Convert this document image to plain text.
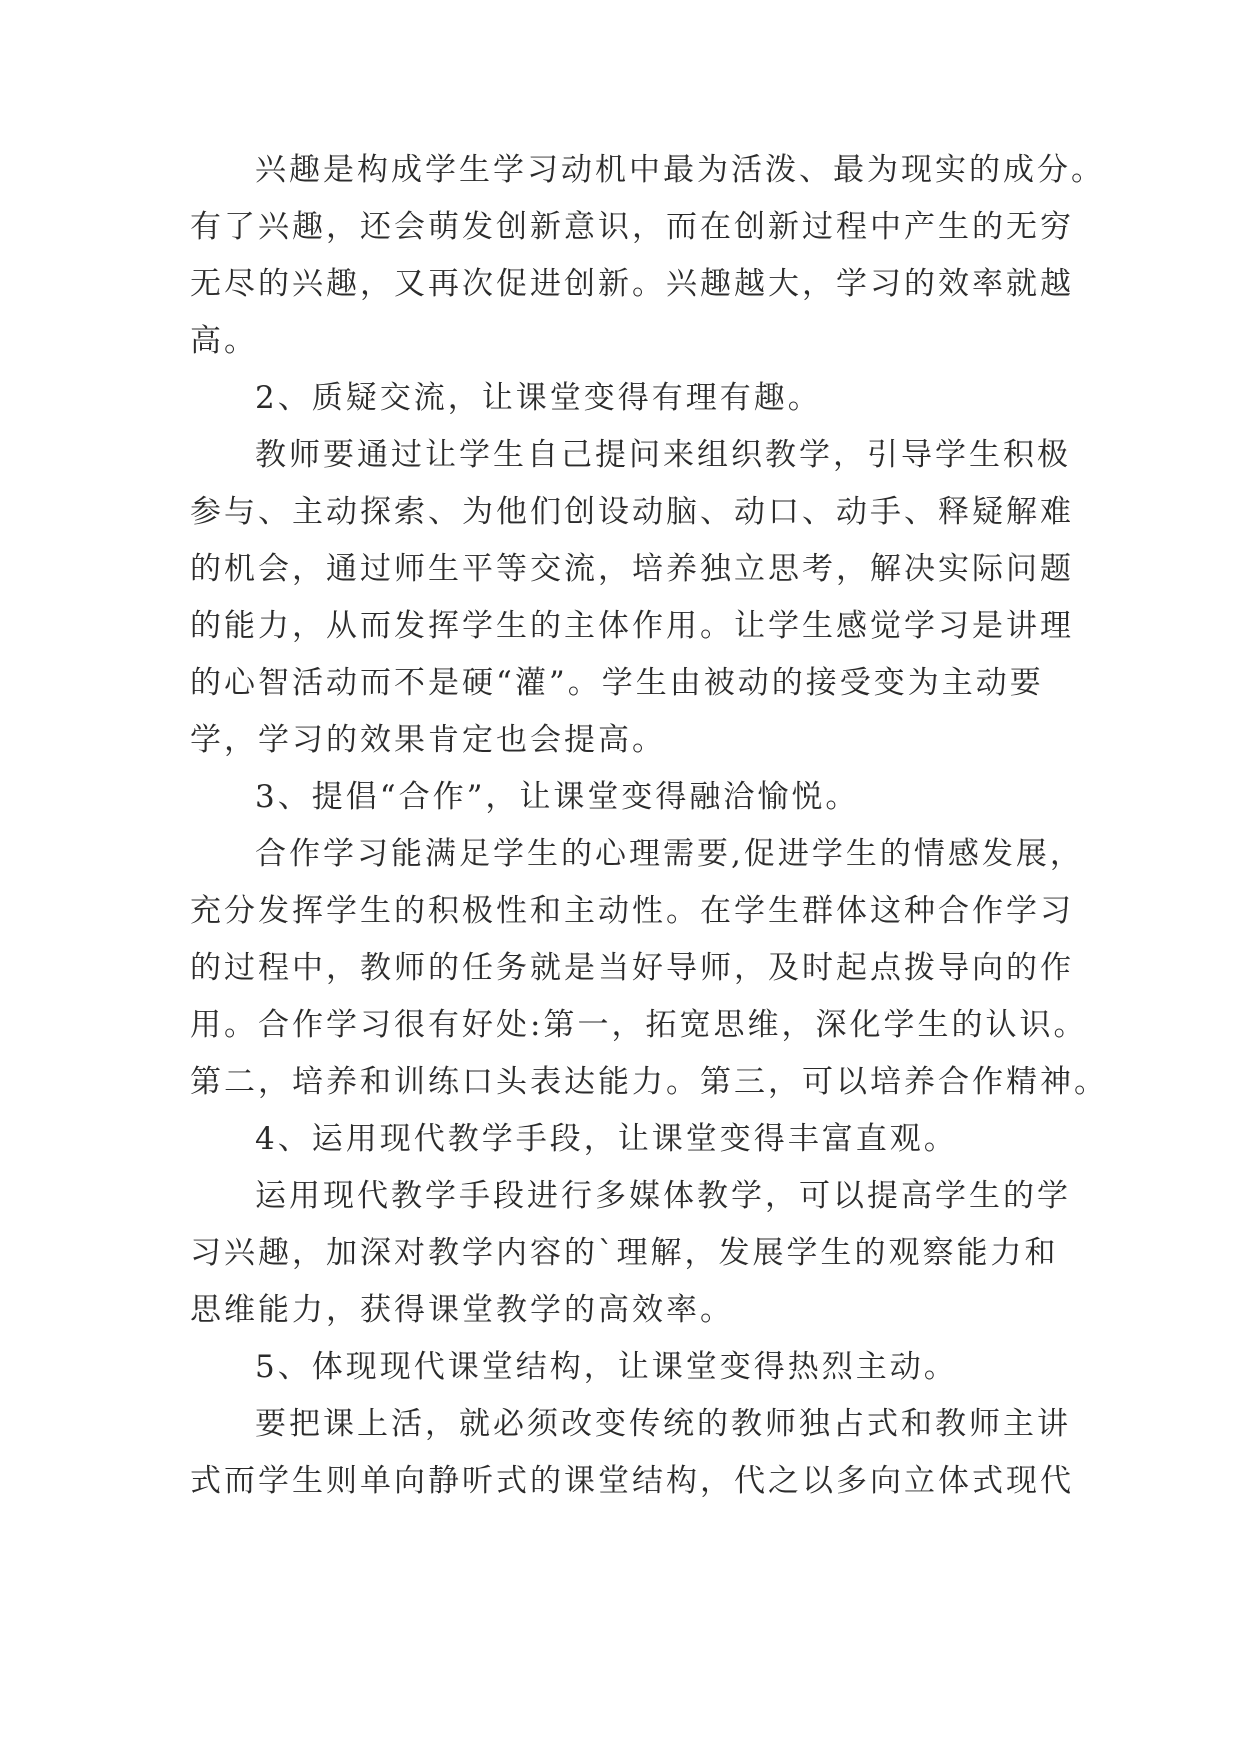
兴趣是构成学生学习动机中最为活泼、最为现实的成分。
有了兴趣，还会萌发创新意识，而在创新过程中产生的无穷
无尽的兴趣，又再次促进创新。兴趣越大，学习的效率就越
高。
2、质疑交流，让课堂变得有理有趣。
教师要通过让学生自己提问来组织教学，引导学生积极
参与、主动探索、为他们创设动脑、动口、动手、释疑解难
的机会，通过师生平等交流，培养独立思考，解决实际问题
的能力，从而发挥学生的主体作用。让学生感觉学习是讲理
的心智活动而不是硬“灌”。学生由被动的接受变为主动要
学，学习的效果肯定也会提高。
3、提倡“合作”，让课堂变得融洽愉悦。
合作学习能满足学生的心理需要,促进学生的情感发展，
充分发挥学生的积极性和主动性。在学生群体这种合作学习
的过程中，教师的任务就是当好导师，及时起点拨导向的作
用。合作学习很有好处:第一，拓宽思维，深化学生的认识。
第二，培养和训练口头表达能力。第三，可以培养合作精神。
4、运用现代教学手段，让课堂变得丰富直观。
运用现代教学手段进行多媒体教学，可以提高学生的学
习兴趣，加深对教学内容的`理解，发展学生的观察能力和
思维能力，获得课堂教学的高效率。
5、体现现代课堂结构，让课堂变得热烈主动。
要把课上活，就必须改变传统的教师独占式和教师主讲
式而学生则单向静听式的课堂结构，代之以多向立体式现代
